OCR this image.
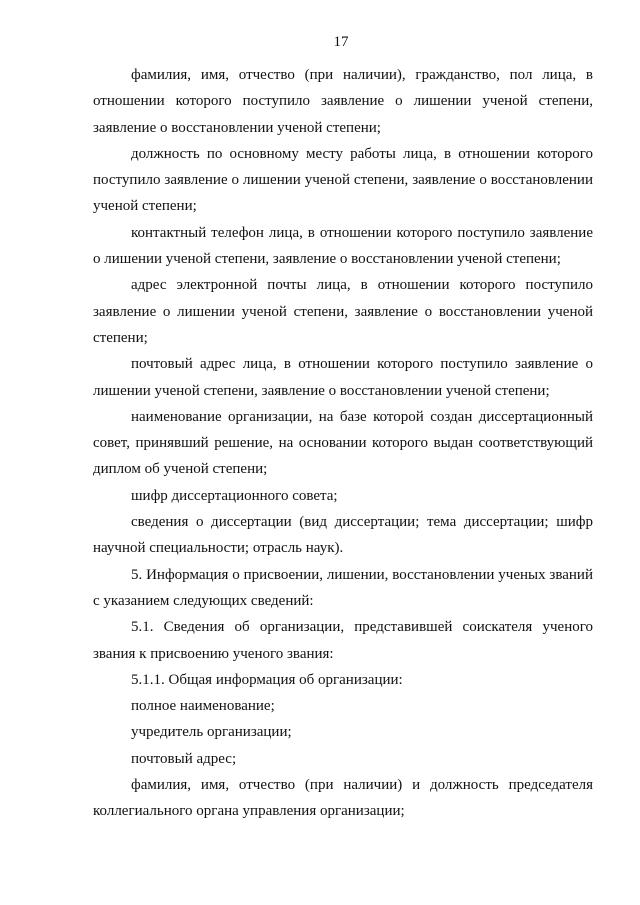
17

фамилия, имя, отчество (при наличии), гражданство, пол лица, в отношении которого поступило заявление о лишении ученой степени, заявление о восстановлении ученой степени;

должность по основному месту работы лица, в отношении которого поступило заявление о лишении ученой степени, заявление о восстановлении ученой степени;

контактный телефон лица, в отношении которого поступило заявление о лишении ученой степени, заявление о восстановлении ученой степени;

адрес электронной почты лица, в отношении которого поступило заявление о лишении ученой степени, заявление о восстановлении ученой степени;

почтовый адрес лица, в отношении которого поступило заявление о лишении ученой степени, заявление о восстановлении ученой степени;

наименование организации, на базе которой создан диссертационный совет, принявший решение, на основании которого выдан соответствующий диплом об ученой степени;

шифр диссертационного совета;

сведения о диссертации (вид диссертации; тема диссертации; шифр научной специальности; отрасль наук).

5. Информация о присвоении, лишении, восстановлении ученых званий с указанием следующих сведений:

5.1. Сведения об организации, представившей соискателя ученого звания к присвоению ученого звания:

5.1.1. Общая информация об организации:

полное наименование;

учредитель организации;

почтовый адрес;

фамилия, имя, отчество (при наличии) и должность председателя коллегиального органа управления организации;
